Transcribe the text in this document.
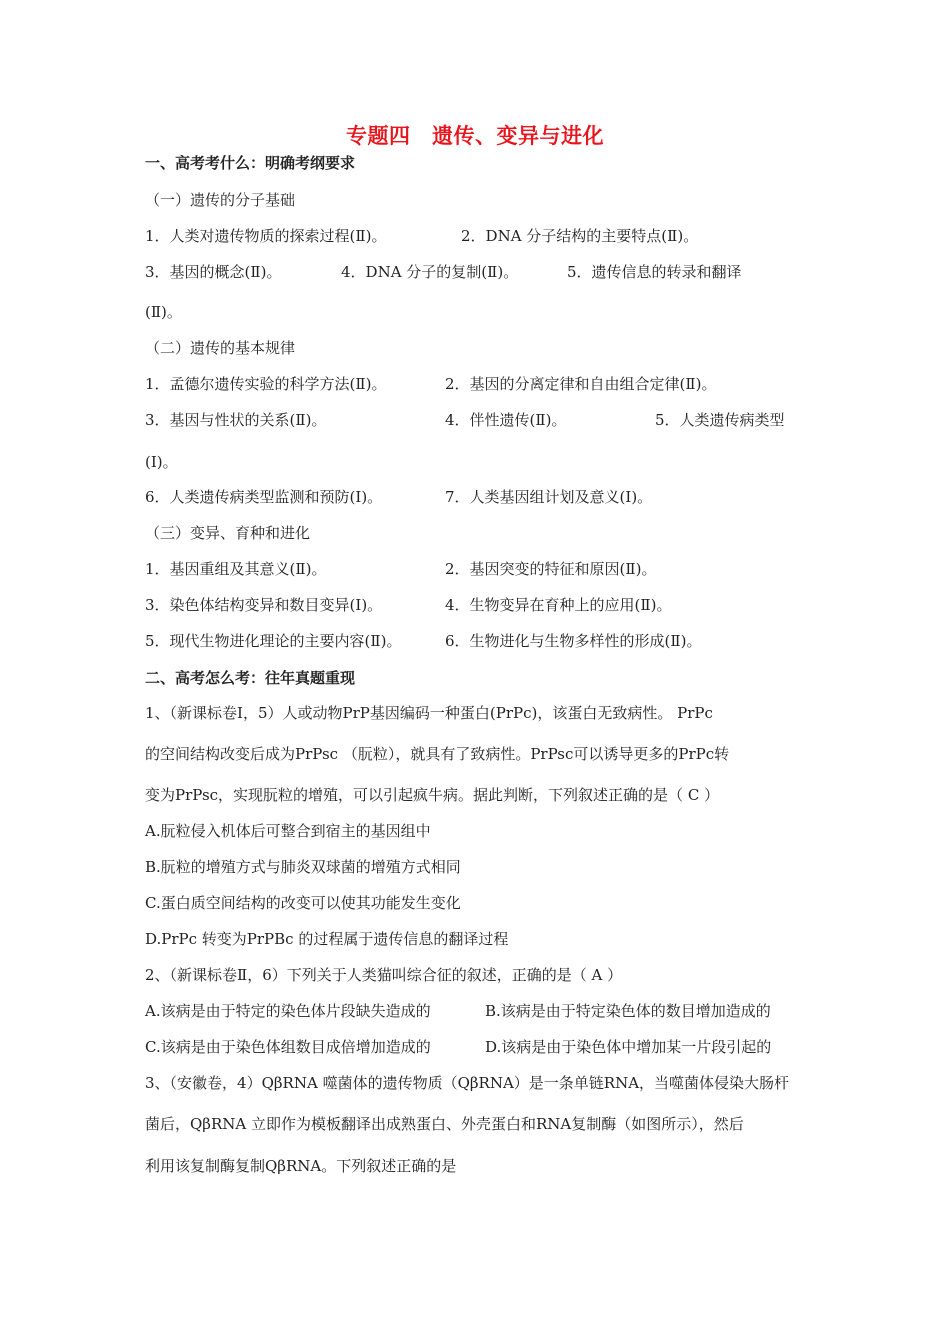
专题四　遗传、变异与进化
一、高考考什么：明确考纲要求
（一）遗传的分子基础
1．人类对遗传物质的探索过程(Ⅱ)。	2．DNA 分子结构的主要特点(Ⅱ)。
3．基因的概念(Ⅱ)。	4．DNA 分子的复制(Ⅱ)。	5．遗传信息的转录和翻译
(Ⅱ)。
（二）遗传的基本规律
1．孟德尔遗传实验的科学方法(Ⅱ)。	2．基因的分离定律和自由组合定律(Ⅱ)。
3．基因与性状的关系(Ⅱ)。	4．伴性遗传(Ⅱ)。	5．人类遗传病类型
(Ⅰ)。
6．人类遗传病类型监测和预防(Ⅰ)。	7．人类基因组计划及意义(Ⅰ)。
（三）变异、育种和进化
1．基因重组及其意义(Ⅱ)。	2．基因突变的特征和原因(Ⅱ)。
3．染色体结构变异和数目变异(Ⅰ)。	4．生物变异在育种上的应用(Ⅱ)。
5．现代生物进化理论的主要内容(Ⅱ)。	6．生物进化与生物多样性的形成(Ⅱ)。
二、高考怎么考：往年真题重现
1、（新课标卷Ⅰ，5）人或动物PrP基因编码一种蛋白(PrPc)，该蛋白无致病性。 PrPc
的空间结构改变后成为PrPsc （朊粒），就具有了致病性。PrPsc可以诱导更多的PrPc转
变为PrPsc，实现朊粒的增殖，可以引起疯牛病。据此判断，下列叙述正确的是（ C ）
A.朊粒侵入机体后可整合到宿主的基因组中
B.朊粒的增殖方式与肺炎双球菌的增殖方式相同
C.蛋白质空间结构的改变可以使其功能发生变化
D.PrPc 转变为PrPBc 的过程属于遗传信息的翻译过程
2、（新课标卷Ⅱ，6）下列关于人类猫叫综合征的叙述，正确的是（ A ）
A.该病是由于特定的染色体片段缺失造成的	B.该病是由于特定染色体的数目增加造成的
C.该病是由于染色体组数目成倍增加造成的	D.该病是由于染色体中增加某一片段引起的
3、（安徽卷，4）QβRNA 噬菌体的遗传物质（QβRNA）是一条单链RNA，当噬菌体侵染大肠杆
菌后，QβRNA 立即作为模板翻译出成熟蛋白、外壳蛋白和RNA复制酶（如图所示），然后
利用该复制酶复制QβRNA。下列叙述正确的是
